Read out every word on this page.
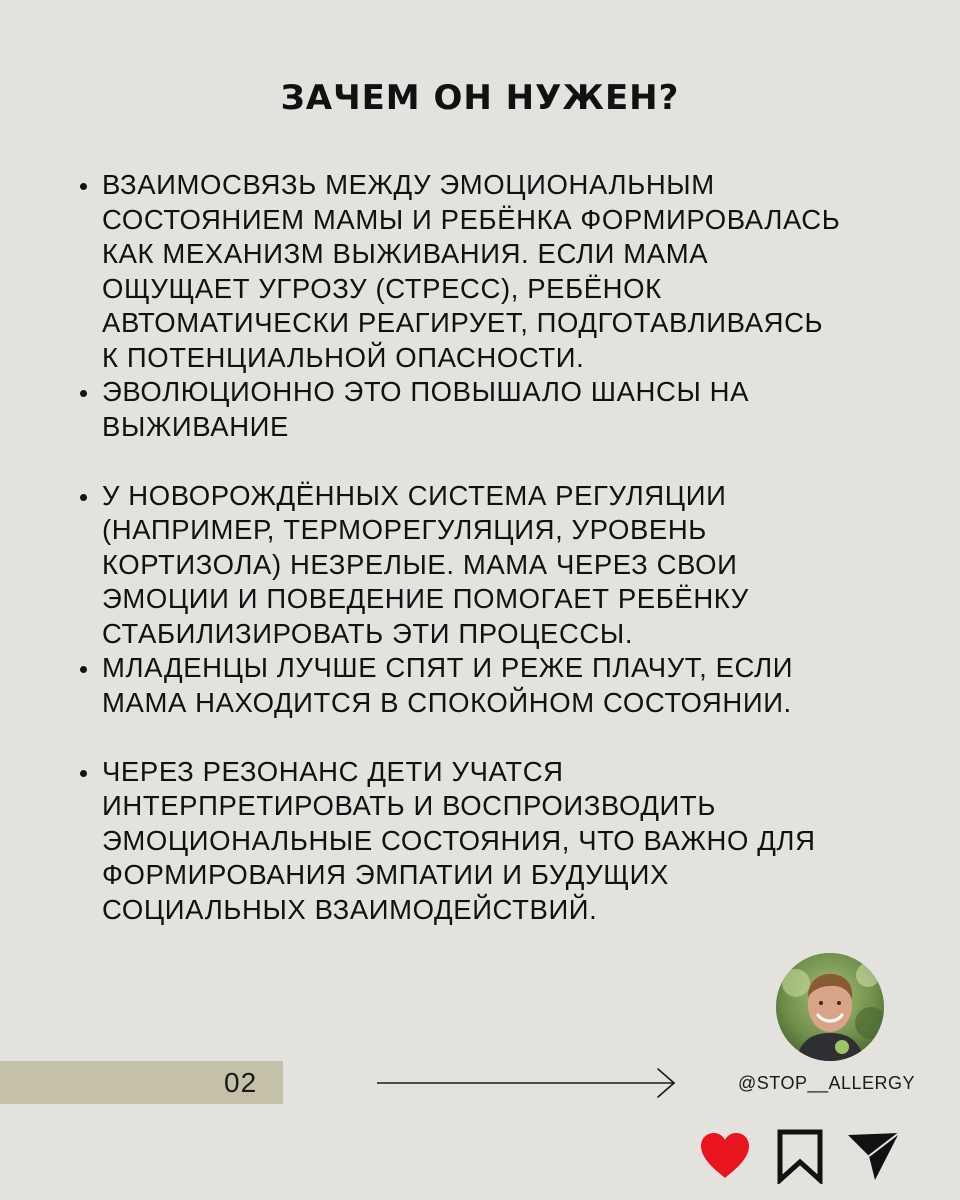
ЗАЧЕМ ОН НУЖЕН?
ВЗАИМОСВЯЗЬ МЕЖДУ ЭМОЦИОНАЛЬНЫМ
СОСТОЯНИЕМ МАМЫ И РЕБЁНКА ФОРМИРОВАЛАСЬ
КАК МЕХАНИЗМ ВЫЖИВАНИЯ. ЕСЛИ МАМА
ОЩУЩАЕТ УГРОЗУ (СТРЕСС), РЕБЁНОК
АВТОМАТИЧЕСКИ РЕАГИРУЕТ, ПОДГОТАВЛИВАЯСЬ
К ПОТЕНЦИАЛЬНОЙ ОПАСНОСТИ.
ЭВОЛЮЦИОННО ЭТО ПОВЫШАЛО ШАНСЫ НА
ВЫЖИВАНИЕ
У НОВОРОЖДЁННЫХ СИСТЕМА РЕГУЛЯЦИИ
(НАПРИМЕР, ТЕРМОРЕГУЛЯЦИЯ, УРОВЕНЬ
КОРТИЗОЛА) НЕЗРЕЛЫЕ. МАМА ЧЕРЕЗ СВОИ
ЭМОЦИИ И ПОВЕДЕНИЕ ПОМОГАЕТ РЕБЁНКУ
СТАБИЛИЗИРОВАТЬ ЭТИ ПРОЦЕССЫ.
МЛАДЕНЦЫ ЛУЧШЕ СПЯТ И РЕЖЕ ПЛАЧУТ, ЕСЛИ
МАМА НАХОДИТСЯ В СПОКОЙНОМ СОСТОЯНИИ.
ЧЕРЕЗ РЕЗОНАНС ДЕТИ УЧАТСЯ
ИНТЕРПРЕТИРОВАТЬ И ВОСПРОИЗВОДИТЬ
ЭМОЦИОНАЛЬНЫЕ СОСТОЯНИЯ, ЧТО ВАЖНО ДЛЯ
ФОРМИРОВАНИЯ ЭМПАТИИ И БУДУЩИХ
СОЦИАЛЬНЫХ ВЗАИМОДЕЙСТВИЙ.
02	@STOP__ALLERGY
